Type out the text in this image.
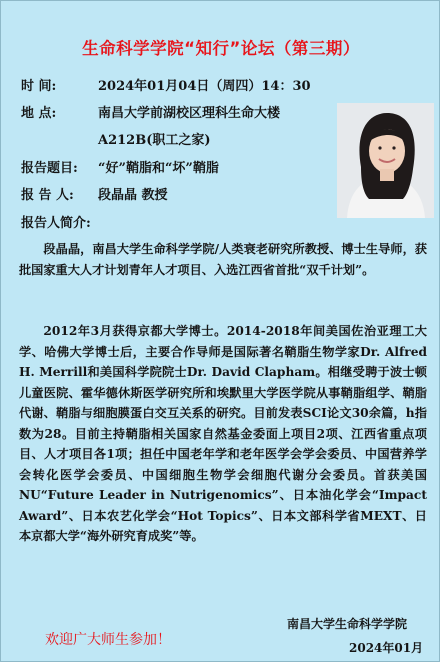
生命科学学院“知行”论坛（第三期）
时 间:	2024年01月04日（周四）14：30
地 点:	南昌大学前湖校区理科生命大楼
A212B(职工之家)
报告题目: “好”鞘脂和“坏”鞘脂
报 告 人: 段晶晶 教授
报告人简介:

段晶晶，南昌大学生命科学学院/人类衰老研究所教授、博士生导师，获批国家重大人才计划青年人才项目、入选江西省首批“双千计划”。

2012年3月获得京都大学博士。2014-2018年间美国佐治亚理工大学、哈佛大学博士后，主要合作导师是国际著名鞘脂生物学家Dr. Alfred H. Merrill和美国科学院院士Dr. David Clapham。相继受聘于波士顿儿童医院、霍华德休斯医学研究所和埃默里大学医学院从事鞘脂组学、鞘脂代谢、鞘脂与细胞膜蛋白交互关系的研究。目前发表SCI论文30余篇，h指数为28。目前主持鞘脂相关国家自然基金委面上项目2项、江西省重点项目、人才项目各1项；担任中国老年学和老年医学会学会委员、中国营养学会转化医学会委员、中国细胞生物学会细胞代谢分会委员。首获美国NU“Future Leader in Nutrigenomics”、日本油化学会“Impact Award”、日本农艺化学会“Hot Topics”、日本文部科学省MEXT、日本京都大学“海外研究育成奖”等。

南昌大学生命科学学院
欢迎广大师生参加！	2024年01月
